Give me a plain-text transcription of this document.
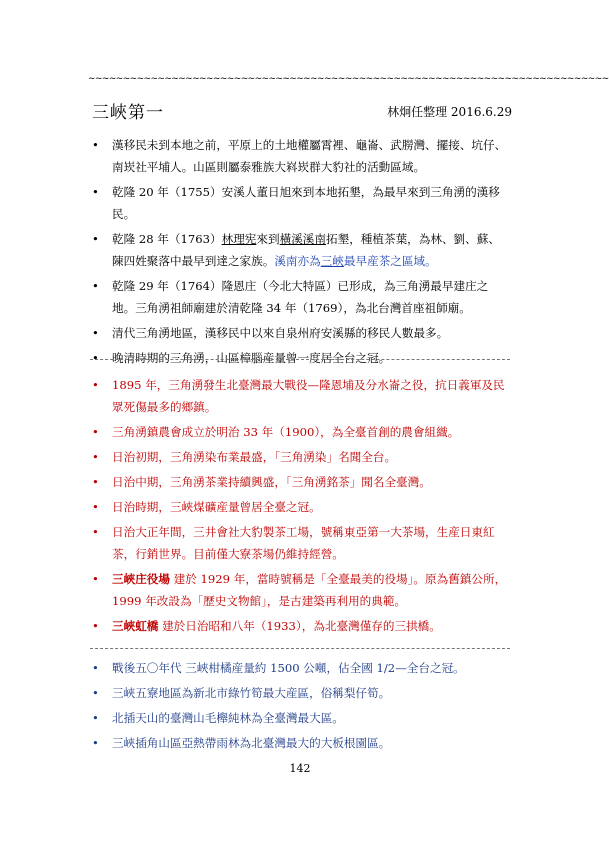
~~~~~~~~~~~~~~~~~~~~~~~~~~~~~~~~~~~~~~~~~~~~~~~~~~~~~~~~~~~~~~~~~~~~~~~~~~~
三峽第一	林炯任整理 2016.6.29
• 漢移民未到本地之前，平原上的土地權屬霄裡、龜崙、武朥灣、擺接、坑仔、南崁社平埔人。山區則屬泰雅族大嵙崁群大豹社的活動區域。
• 乾隆 20 年（1755）安溪人董日旭來到本地拓墾，為最早來到三角湧的漢移民。
• 乾隆 28 年（1763）林理宪來到橫溪溪南拓墾，種植茶葉，為林、劉、蘇、陳四姓聚落中最早到達之家族。溪南亦為三峽最早産茶之區域。
• 乾隆 29 年（1764）隆恩庄（今北大特區）已形成，為三角湧最早建庄之地。三角湧祖師廟建於清乾隆 34 年（1769），為北台灣首座祖師廟。
• 清代三角湧地區，漢移民中以來自泉州府安溪縣的移民人數最多。
• 晚清時期的三角湧，山區樟腦産量曾一度居全台之冠。
• 1895 年，三角湧發生北臺灣最大戰役—隆恩埔及分水崙之役，抗日義軍及民眾死傷最多的鄉鎮。
• 三角湧鎮農會成立於明治 33 年（1900），為全臺首創的農會組織。
• 日治初期，三角湧染布業最盛，「三角湧染」名聞全台。
• 日治中期，三角湧茶業持續興盛，「三角湧銘茶」聞名全臺灣。
• 日治時期，三峽煤礦産量曾居全臺之冠。
• 日治大正年間，三井會社大豹製茶工場，號稱東亞第一大茶場，生産日東紅茶，行銷世界。目前僅大寮茶場仍維持經營。
• 三峽庄役場 建於 1929 年，當時號稱是「全臺最美的役場」。原為舊鎮公所，1999 年改設為「歷史文物館」，是古建築再利用的典範。
• 三峽虹橋 建於日治昭和八年（1933），為北臺灣僅存的三拱橋。
• 戰後五〇年代 三峽柑橘産量約 1500 公噸，佔全國 1/2—全台之冠。
• 三峽五寮地區為新北市綠竹筍最大産區，俗稱梨仔筍。
• 北插天山的臺灣山毛櫸純林為全臺灣最大區。
• 三峽插角山區亞熱帶雨林為北臺灣最大的大板根園區。
142
